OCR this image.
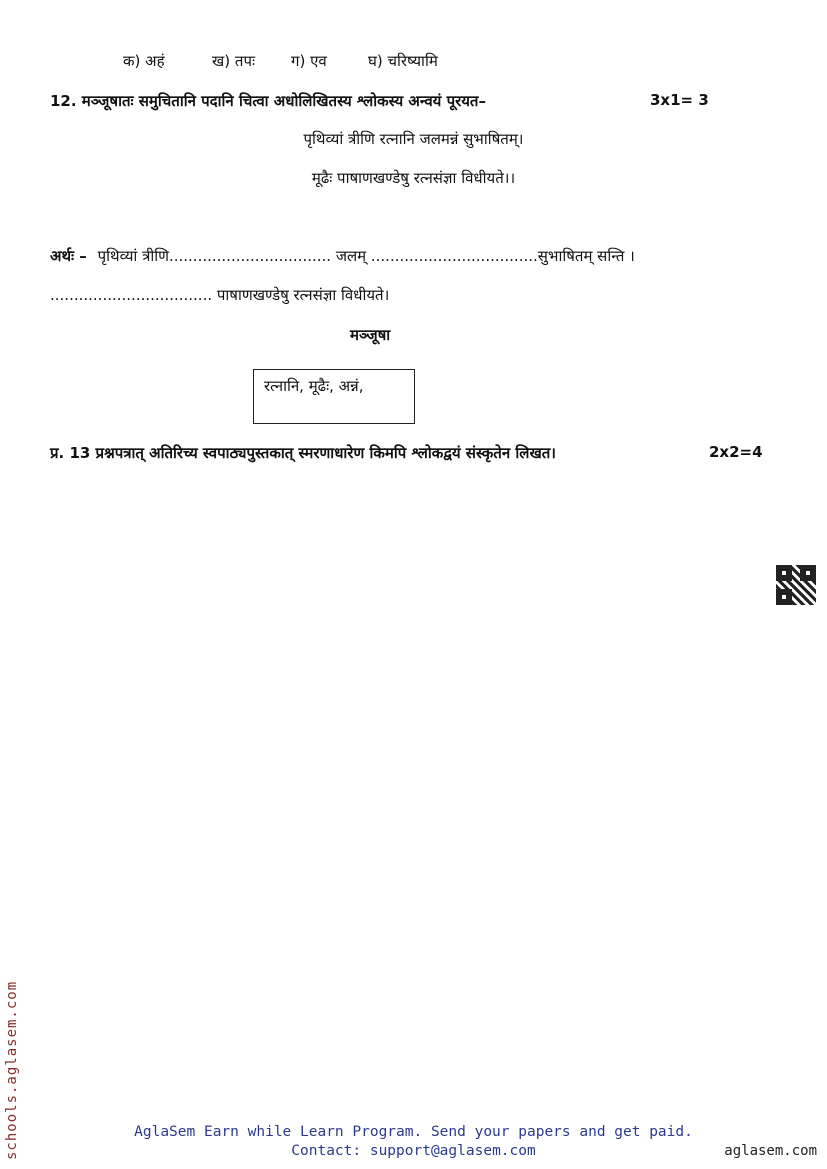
क) अहं	ख) तपः ग) एव	घ) चरिष्यामि
12. मञ्जूषातः समुचितानि पदानि चित्वा अधोलिखितस्य श्लोकस्य अन्वयं पूरयत–	3x1= 3
पृथिव्यां त्रीणि रत्नानि जलमन्नं सुभाषितम्।
मूढैः पाषाणखण्डेषु रत्नसंज्ञा विधीयते।।
अर्थः – पृथिव्यां त्रीणि.................................. जलम् ...................................सुभाषितम् सन्ति ।
.................................. पाषाणखण्डेषु रत्नसंज्ञा विधीयते।
मञ्जूषा
रत्नानि, मूढैः, अन्नं,
प्र. 13 प्रश्नपत्रात् अतिरिच्य स्वपाठ्यपुस्तकात् स्मरणाधारेण किमपि श्लोकद्वयं संस्कृतेन लिखत।	2x2=4
schools.aglasem.com	AglaSem Earn while Learn Program. Send your papers and get paid.
Contact: support@aglasem.com	aglasem.com
